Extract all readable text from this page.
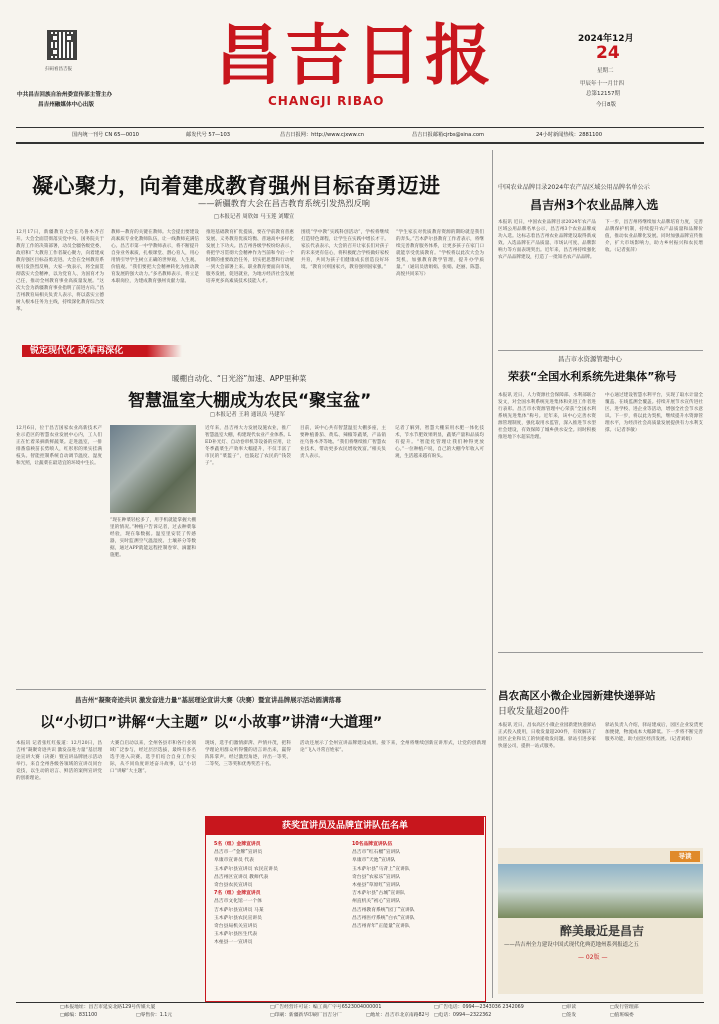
扫码看昌吉报
中共昌吉回族自治州委宣传部主管主办
昌吉州融媒体中心出版
昌吉日报
CHANGJI RIBAO
2024年12月
24
星期二
甲辰年十一月廿四
总第12157期
今日8版
国内统一刊号 CN 65—0010	邮发代号 57—103	昌吉日报网：http://www.cjxww.cn	昌吉日报邮箱cjrbs@sina.com	24小时新闻热线：2881100
凝心聚力，向着建成教育强州目标奋勇迈进
——新疆教育大会在昌吉教育系统引发热烈反响
□本报记者 周欣如 马玉莲 刘耀宣
12月17日，新疆教育大会在乌鲁木齐召开。大会全面贯彻落实党中央、国务院关于教育工作的决策部署，动员全疆各级党委、政府和广大教育工作者凝心聚力，向着建成教育强区目标奋勇迈进。大会在全州教育系统引发热烈反响，大家一致表示，将全面贯彻落实大会精神，以为党育人、为国育才为己任，推动全州教育事业高质量发展。“这次大会为新疆教育事业指明了前进方向。”昌吉州教育局相关负责人表示，将以落实立德树人根本任务为主线，持续深化教育综合改革。
教师—教育的关键在教师。大会提出要建设高素质专业化教师队伍，让一线教师充满信心。昌吉市第一中学教师表示，将不断提升自身业务素质，扎根课堂、潜心育人，用心用情引导学生树立正确的世界观、人生观、价值观。“我们要把大会精神转化为推动教育发展的强大动力。”多名教师表示，将立足本职岗位，为建成教育强州贡献力量。
推进基础教育扩优提质，要在学前教育普惠发展、义务教育优质均衡、普通高中多样化发展上下功夫。昌吉州各级学校纷纷表示，将把学习贯彻大会精神作为当前和今后一个时期的重要政治任务，切实把思想和行动统一到大会部署上来。职业教育要面向市场，服务发展，促进就业，为地方经济社会发展培养更多高素质技术技能人才。
围绕“学中教”实践科创活动”，学校将继续打造特色课程，让学生在实践中增长才干。家长代表表示，大会的召开让家长们对孩子的未来更有信心，将积极配合学校做好家校共育，共同为孩子们健康成长创造良好环境。“教育兴则国家兴，教育强则国家强。”
“学生家长对优质教育资源的期盼就是我们的奔头。”吉木萨尔县教育工作者表示，将继续完善教育服务体系，让更多孩子在家门口就能享受优质教育。“学校将以此次大会为契机，加强教育教学管理，提升办学质量。”（通讯员唐娟娟、张娟、赵丽、陈慧、高悦共同采写）
锐定现代化 改革再深化
暖棚自动化、“日光浴”加速、APP里种菜
智慧温室大棚成为农民“聚宝盆”
□本报记者 王莉 通讯员 马建军
12月6日，位于昌吉国家农业高新技术产业示范区的智慧农业发展中心内，工人们正在忙着采摘新鲜蔬菜。走进温室，一排排番茄秧苗长势喷人，红彤彤的果实挂满枝头。智能控制系统自动调节温度、湿度和光照，让蔬菜在最适宜的环境中生长。
“现在种菜轻松多了，用手机就能掌握大棚里的情况。”种植户告诉记者，过去种菜靠经验，现在靠数据。温室里安装了传感器，实时监测空气温湿度、土壤养分等数据，通过APP就能远程控制卷帘、滴灌和施肥。
近年来，昌吉州大力发展设施农业，推广智慧温室大棚，构建现代农业产业体系。LED补光灯、自动卷帘机等设备的应用，让冬季蔬菜生产效率大幅提升，不仅丰富了市民的“菜篮子”，也鼓起了农民的“钱袋子”。
目前，该中心共有智慧温室大棚多座，主要种植番茄、黄瓜、辣椒等蔬菜，产品销往乌鲁木齐等地。“我们将继续推广智慧农业技术，带动更多农民增收致富。”相关负责人表示。
记者了解到，智慧大棚采用水肥一体化技术，节水节肥效果明显，蔬菜产量和品质均有提升。“智能化管理让我们种得更放心。”一位种植户说，自己的大棚今年收入可观，生活越来越有盼头。
昌吉州“凝聚奇迹共识 激发奋进力量”基层理论宣讲大赛（决赛）暨宣讲品牌展示活动圆满落幕
以“小切口”讲解“大主题” 以“小故事”讲清“大道理”
本报讯 记者张红红报道：12月20日，昌吉州“凝聚奇迹共识 激发奋进力量”基层理论宣讲大赛（决赛）暨宣讲品牌展示活动举行。来自全州各级各领域的宣讲员同台竞技，以生动的语言、鲜活的案例宣讲党的创新理论。
大赛自启动以来，全州各县市和各行业领域广泛参与，经过层层选拔，最终有多名选手进入决赛。选手们结合自身工作实际，从不同角度讲述奋斗故事，以“小切口”讲解“大主题”。
现场，选手们激情澎湃、声情并茂，把科学理论用群众听得懂的语言讲出来，赢得阵阵掌声。经过激烈角逐，评出一等奖、二等奖、三等奖和优秀奖若干名。
活动还展示了全州宣讲品牌建设成果。接下来，全州将继续创新宣讲形式，让党的创新理论“飞入寻常百姓家”。
获奖宣讲员及品牌宣讲队伍名单
5名（组）金牌宣讲员
昌吉市一“金牌”宣讲员
阜康市宣讲员 代表
玉木萨尔县宣讲员 农民宣讲员
昌吉州区宣讲员 教师代表
奇台县农民宣讲员
7名（组）金牌宣讲员
昌吉市文化馆一一个体
吉木萨尔县宣讲员 马某
玉木萨尔县农民宣讲员
奇台县局机关宣讲员
玉木萨尔县医生代表
木垒县一一宣讲员
10名品牌宣讲队伍
昌吉市“红石榴”宣讲队
阜康市“天池”宣讲队
玉木萨尔县“马背上”宣讲队
奇台县“农家乐”宣讲队
木垒县“草原红”宣讲队
吉木萨尔县“古城”宣讲队
州直机关“初心”宣讲队
昌吉州教育系统“园丁”宣讲队
昌吉州医疗系统“白衣”宣讲队
昌吉州青年“正能量”宣讲队
中国农业品牌目录2024年农产品区域公用品牌名单公示
昌吉州3个农业品牌入选
本报讯 近日，中国农业品牌目录2024年农产品区域公用品牌名单公示，昌吉州3个农业品牌成功入选。这标志着昌吉州农业品牌建设取得新成效。入选品牌在产品质量、市场认可度、品牌影响力等方面表现突出。近年来，昌吉州持续强化农产品品牌建设，打造了一批知名农产品品牌。
下一步，昌吉州将继续加大品牌培育力度，完善品牌保护机制，持续提升农产品质量和品牌价值，推动农业品牌化发展。同时加强品牌宣传推介，扩大市场影响力，助力乡村振兴和农民增收。（记者张萍）
昌吉市水资源管理中心
荣获“全国水利系统先进集体”称号
本报讯 近日，人力资源社会保障部、水利部联合发文，对全国水利系统先进集体和先进工作者进行表彰。昌吉市水资源管理中心荣获“全国水利系统先进集体”称号。近年来，该中心完善水资源管理制度，强化取用水监管，深入推进节水型社会建设，有效保障了城乡供水安全。同时积极推进地下水超采治理。
中心通过建设智慧水利平台，实现了取水计量全覆盖、在线监测全覆盖。持续开展节水宣传进社区、进学校、进企业等活动，增强全社会节水意识。下一步，将以此为契机，继续提升水资源管理水平，为经济社会高质量发展提供有力水利支撑。（记者李敏）
昌农高区小微企业园新建快递驿站
日收发量超200件
本报讯 近日，昌农高区小微企业园新建快递驿站正式投入使用，日收发量超200件，有效解决了园区企业和员工的快递收发问题。驿站引进多家快递公司，提供一站式服务。
驿站负责人介绍，驿站建成后，园区企业发货更加便捷，物流成本大幅降低。下一步将不断完善服务功能，助力园区经济发展。（记者刘娟）
导读
醉美最近是昌吉
——昌吉州全力建设中国式现代化典范地州系列报道之五
— 02版 —
□本报地址：昌吉市延安北路129号传媒大厦
□邮编：831100	□零售价：1.1元
□广告经营许可证：编工商广字号6523004000001
□印刷：新疆新华印刷厂昌吉分厂	□地址：昌吉市北京南路82号
□广告电话：0994—2343036 2342069
□电话：0994—2322362
□审读	□发行管理部
□签发	□值班编委
